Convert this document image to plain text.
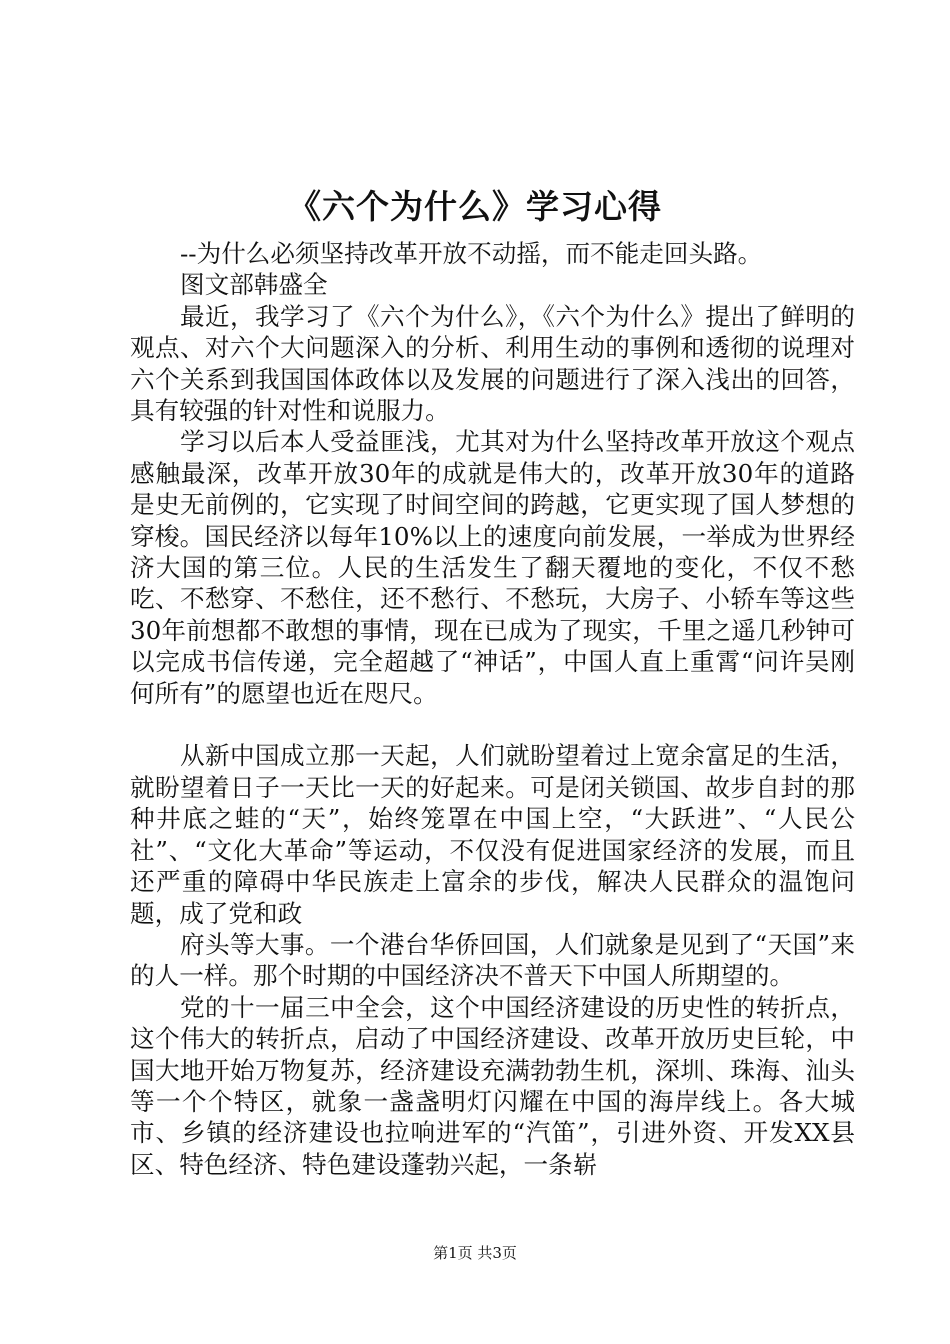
《六个为什么》学习心得

--为什么必须坚持改革开放不动摇，而不能走回头路。

图文部韩盛全

最近，我学习了《六个为什么》，《六个为什么》提出了鲜明的观点、对六个大问题深入的分析、利用生动的事例和透彻的说理对六个关系到我国国体政体以及发展的问题进行了深入浅出的回答，具有较强的针对性和说服力。

学习以后本人受益匪浅，尤其对为什么坚持改革开放这个观点感触最深，改革开放30年的成就是伟大的，改革开放30年的道路是史无前例的，它实现了时间空间的跨越，它更实现了国人梦想的穿梭。国民经济以每年10%以上的速度向前发展，一举成为世界经济大国的第三位。人民的生活发生了翻天覆地的变化，不仅不愁吃、不愁穿、不愁住，还不愁行、不愁玩，大房子、小轿车等这些30年前想都不敢想的事情，现在已成为了现实，千里之遥几秒钟可以完成书信传递，完全超越了“神话”，中国人直上重霄“问许吴刚何所有”的愿望也近在咫尺。

从新中国成立那一天起，人们就盼望着过上宽余富足的生活，就盼望着日子一天比一天的好起来。可是闭关锁国、故步自封的那种井底之蛙的“天”，始终笼罩在中国上空，“大跃进”、“人民公社”、“文化大革命”等运动，不仅没有促进国家经济的发展，而且还严重的障碍中华民族走上富余的步伐，解决人民群众的温饱问题，成了党和政

府头等大事。一个港台华侨回国，人们就象是见到了“天国”来的人一样。那个时期的中国经济决不普天下中国人所期望的。

党的十一届三中全会，这个中国经济建设的历史性的转折点，这个伟大的转折点，启动了中国经济建设、改革开放历史巨轮，中国大地开始万物复苏，经济建设充满勃勃生机，深圳、珠海、汕头等一个个特区，就象一盏盏明灯闪耀在中国的海岸线上。各大城市、乡镇的经济建设也拉响进军的“汽笛”，引进外资、开发XX县区、特色经济、特色建设蓬勃兴起，一条崭

第1页 共3页
